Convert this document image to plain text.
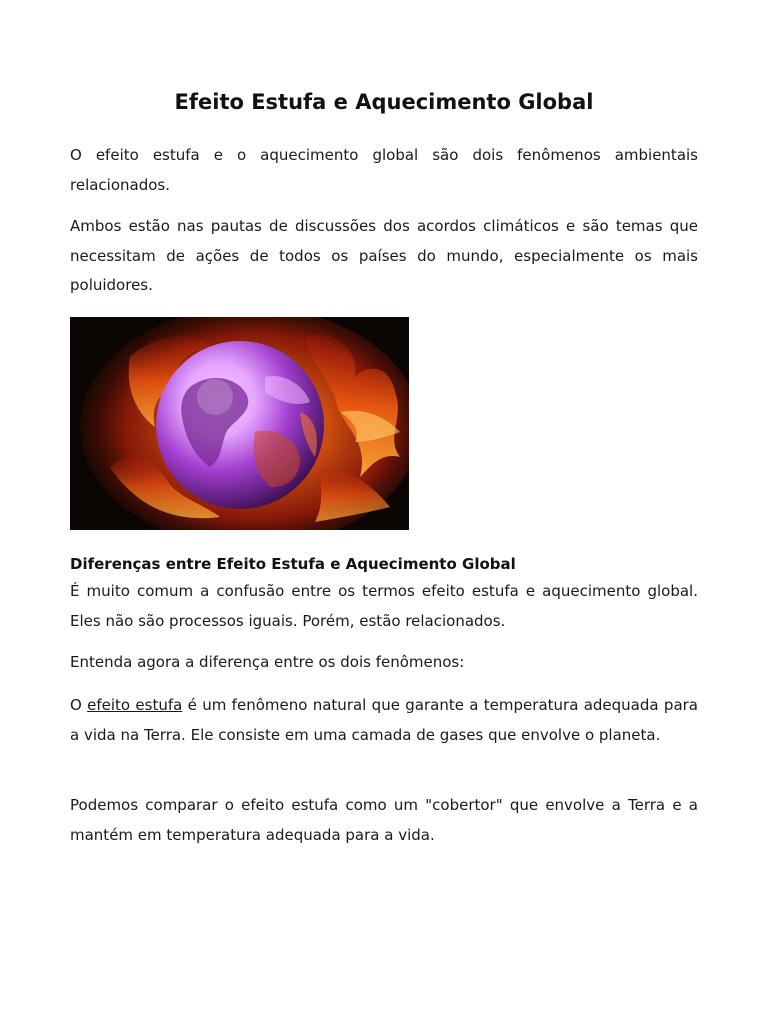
Efeito Estufa e Aquecimento Global

O efeito estufa e o aquecimento global são dois fenômenos ambientais relacionados.

Ambos estão nas pautas de discussões dos acordos climáticos e são temas que necessitam de ações de todos os países do mundo, especialmente os mais poluidores.

Diferenças entre Efeito Estufa e Aquecimento Global

É muito comum a confusão entre os termos efeito estufa e aquecimento global. Eles não são processos iguais. Porém, estão relacionados.

Entenda agora a diferença entre os dois fenômenos:

O efeito estufa é um fenômeno natural que garante a temperatura adequada para a vida na Terra. Ele consiste em uma camada de gases que envolve o planeta.

Podemos comparar o efeito estufa como um "cobertor" que envolve a Terra e a mantém em temperatura adequada para a vida.
